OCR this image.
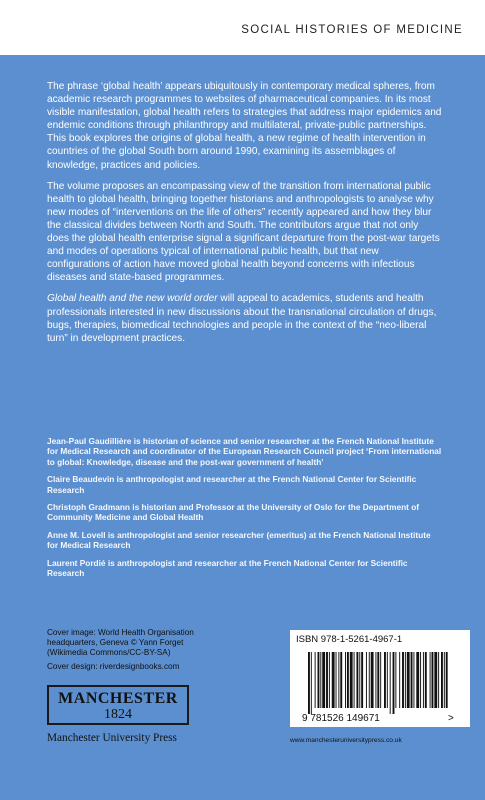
SOCIAL HISTORIES OF MEDICINE

The phrase ‘global health’ appears ubiquitously in contemporary medical spheres, from academic research programmes to websites of pharmaceutical companies. In its most visible manifestation, global health refers to strategies that address major epidemics and endemic conditions through philanthropy and multilateral, private-public partnerships. This book explores the origins of global health, a new regime of health intervention in countries of the global South born around 1990, examining its assemblages of knowledge, practices and policies.

The volume proposes an encompassing view of the transition from international public health to global health, bringing together historians and anthropologists to analyse why new modes of “interventions on the life of others” recently appeared and how they blur the classical divides between North and South. The contributors argue that not only does the global health enterprise signal a significant departure from the post-war targets and modes of operations typical of international public health, but that new configurations of action have moved global health beyond concerns with infectious diseases and state-based programmes.

Global health and the new world order will appeal to academics, students and health professionals interested in new discussions about the transnational circulation of drugs, bugs, therapies, biomedical technologies and people in the context of the “neo-liberal turn” in development practices.

Jean-Paul Gaudillière is historian of science and senior researcher at the French National Institute for Medical Research and coordinator of the European Research Council project ‘From international to global: Knowledge, disease and the post-war government of health’

Claire Beaudevin is anthropologist and researcher at the French National Center for Scientific Research

Christoph Gradmann is historian and Professor at the University of Oslo for the Department of Community Medicine and Global Health

Anne M. Lovell is anthropologist and senior researcher (emeritus) at the French National Institute for Medical Research

Laurent Pordié is anthropologist and researcher at the French National Center for Scientific Research

Cover image: World Health Organisation headquarters, Geneva © Yann Forget (Wikimedia Commons/CC-BY-SA)

Cover design: riverdesignbooks.com

MANCHESTER
1824
Manchester University Press
ISBN 978-1-5261-4967-1
9 781526 149671	>
www.manchesteruniversitypress.co.uk
